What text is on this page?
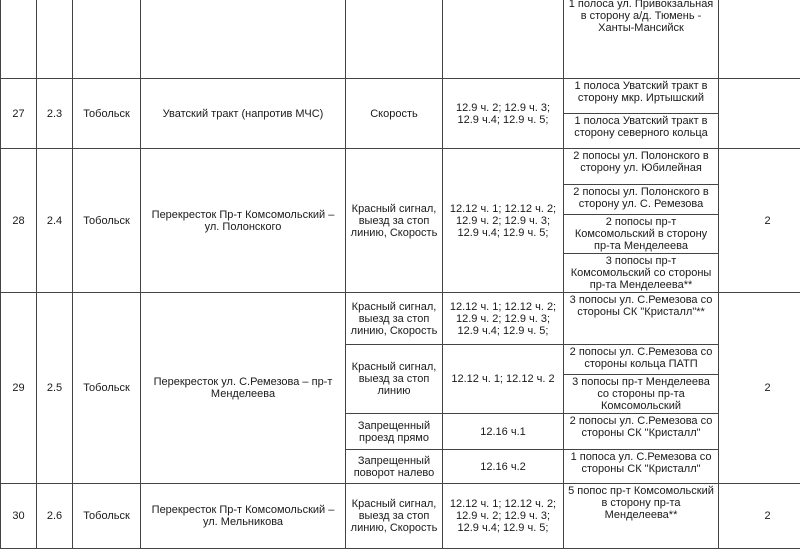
						1 полоса ул. Привокзальная в сторону а/д. Тюмень - Ханты-Мансийск	
27	2.3	Тобольск	Уватский тракт (напротив МЧС)	Скорость	12.9 ч. 2; 12.9 ч. 3; 12.9 ч.4; 12.9 ч. 5;	1 полоса Уватский тракт в сторону мкр. Иртышский	
						1 полоса Уватский тракт в сторону северного кольца	
28	2.4	Тобольск	Перекресток Пр-т Комсомольский – ул. Полонского	Красный сигнал, выезд за стоп линию, Скорость	12.12 ч. 1; 12.12 ч. 2; 12.9 ч. 2; 12.9 ч. 3; 12.9 ч.4; 12.9 ч. 5;	2 попосы ул. Полонского в сторону ул. Юбилейная	2
						2 попосы ул. Полонского в сторону ул. С. Ремезова	
						2 попосы пр-т Комсомольский в сторону пр-та Менделеева	
						3 попосы пр-т Комсомольский со стороны пр-та Менделеева**	
29	2.5	Тобольск	Перекресток ул. С.Ремезова – пр-т Менделеева	Красный сигнал, выезд за стоп линию, Скорость	12.12 ч. 1; 12.12 ч. 2; 12.9 ч. 2; 12.9 ч. 3; 12.9 ч.4; 12.9 ч. 5;	3 попосы ул. С.Ремезова со стороны СК "Кристалл"**	2
				Красный сигнал, выезд за стоп линию	12.12 ч. 1; 12.12 ч. 2	2 попосы ул. С.Ремезова со стороны кольца ПАТП	
						3 попосы пр-т Менделеева со стороны пр-та Комсомольский	
				Запрещенный проезд прямо	12.16 ч.1	2 попосы ул. С.Ремезова со стороны СК "Кристалл"	
				Запрещенный поворот налево	12.16 ч.2	1 попоса ул. С.Ремезова со стороны СК "Кристалл"	
30	2.6	Тобольск	Перекресток Пр-т Комсомольский – ул. Мельникова	Красный сигнал, выезд за стоп линию, Скорость	12.12 ч. 1; 12.12 ч. 2; 12.9 ч. 2; 12.9 ч. 3; 12.9 ч.4; 12.9 ч. 5;	5 попос пр-т Комсомольский в сторону пр-та Менделеева**	2
